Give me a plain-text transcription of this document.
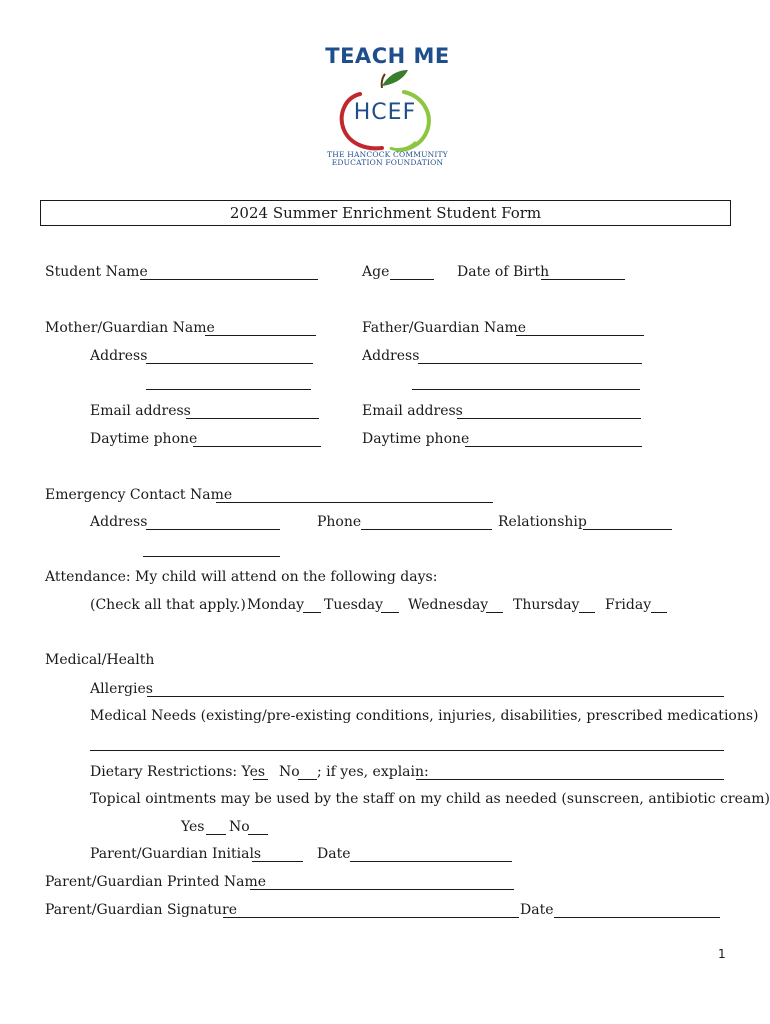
TEACH ME
HCEF
THE HANCOCK COMMUNITY
EDUCATION FOUNDATION
2024 Summer Enrichment Student Form
Student Name	Age	Date of Birth
Mother/Guardian Name	Father/Guardian Name
Address	Address
Email address	Email address
Daytime phone	Daytime phone
Emergency Contact Name
Address	Phone	Relationship
Attendance: My child will attend on the following days:
(Check all that apply.) Monday Tuesday Wednesday Thursday Friday
Medical/Health
Allergies
Medical Needs (existing/pre-existing conditions, injuries, disabilities, prescribed medications)
Dietary Restrictions: Yes No ; if yes, explain:
Topical ointments may be used by the staff on my child as needed (sunscreen, antibiotic cream)
Yes No
Parent/Guardian Initials	Date
Parent/Guardian Printed Name
Parent/Guardian Signature	Date
1
